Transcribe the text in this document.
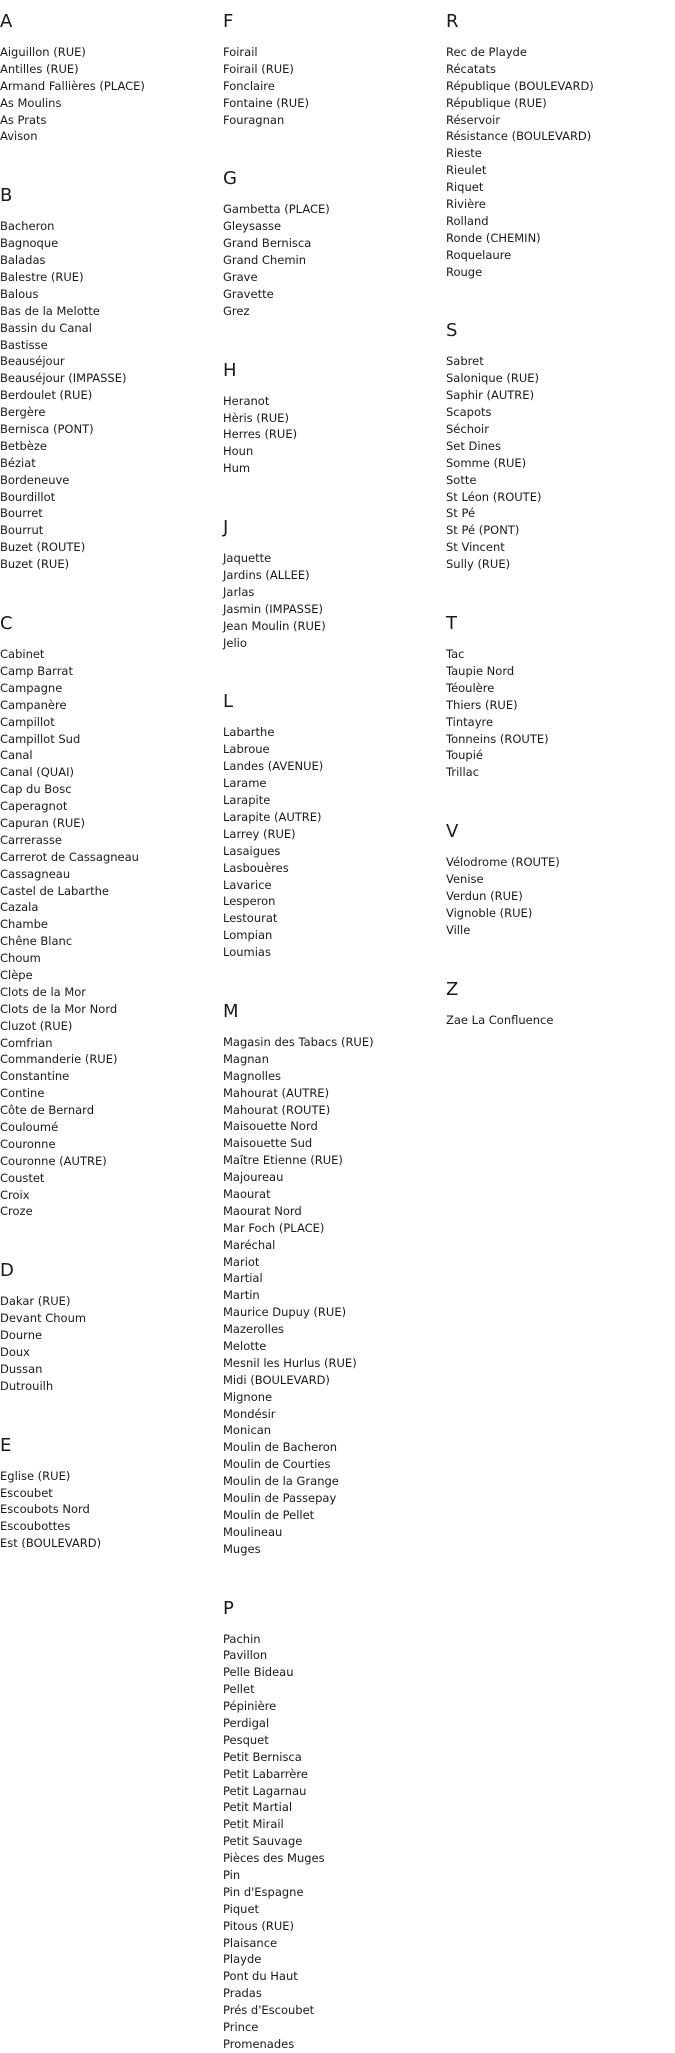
A
Aiguillon (RUE)
Antilles (RUE)
Armand Fallières (PLACE)
As Moulins
As Prats
Avison
B
Bacheron
Bagnoque
Baladas
Balestre (RUE)
Balous
Bas de la Melotte
Bassin du Canal
Bastisse
Beauséjour
Beauséjour (IMPASSE)
Berdoulet (RUE)
Bergère
Bernisca (PONT)
Betbèze
Béziat
Bordeneuve
Bourdillot
Bourret
Bourrut
Buzet (ROUTE)
Buzet (RUE)
C
Cabinet
Camp Barrat
Campagne
Campanère
Campillot
Campillot Sud
Canal
Canal (QUAI)
Cap du Bosc
Caperagnot
Capuran (RUE)
Carrerasse
Carrerot de Cassagneau
Cassagneau
Castel de Labarthe
Cazala
Chambe
Chêne Blanc
Choum
Clèpe
Clots de la Mor
Clots de la Mor Nord
Cluzot (RUE)
Comfrian
Commanderie (RUE)
Constantine
Contine
Côte de Bernard
Couloumé
Couronne
Couronne (AUTRE)
Coustet
Croix
Croze
D
Dakar (RUE)
Devant Choum
Dourne
Doux
Dussan
Dutrouilh
E
Eglise (RUE)
Escoubet
Escoubots Nord
Escoubottes
Est (BOULEVARD)
F
Foirail
Foirail (RUE)
Fonclaire
Fontaine (RUE)
Fouragnan
G
Gambetta (PLACE)
Gleysasse
Grand Bernisca
Grand Chemin
Grave
Gravette
Grez
H
Heranot
Hèris (RUE)
Herres (RUE)
Houn
Hum
J
Jaquette
Jardins (ALLEE)
Jarlas
Jasmin (IMPASSE)
Jean Moulin (RUE)
Jelio
L
Labarthe
Labroue
Landes (AVENUE)
Larame
Larapite
Larapite (AUTRE)
Larrey (RUE)
Lasaigues
Lasbouères
Lavarice
Lesperon
Lestourat
Lompian
Loumias
M
Magasin des Tabacs (RUE)
Magnan
Magnolles
Mahourat (AUTRE)
Mahourat (ROUTE)
Maisouette Nord
Maisouette Sud
Maître Etienne (RUE)
Majoureau
Maourat
Maourat Nord
Mar Foch (PLACE)
Maréchal
Mariot
Martial
Martin
Maurice Dupuy (RUE)
Mazerolles
Melotte
Mesnil les Hurlus (RUE)
Midi (BOULEVARD)
Mignone
Mondésir
Monican
Moulin de Bacheron
Moulin de Courties
Moulin de la Grange
Moulin de Passepay
Moulin de Pellet
Moulineau
Muges
P
Pachin
Pavillon
Pelle Bideau
Pellet
Pépinière
Perdigal
Pesquet
Petit Bernisca
Petit Labarrère
Petit Lagarnau
Petit Martial
Petit Mirail
Petit Sauvage
Pièces des Muges
Pin
Pin d'Espagne
Piquet
Pitous (RUE)
Plaisance
Playde
Pont du Haut
Pradas
Prés d'Escoubet
Prince
Promenades
R
Rec de Playde
Récatats
République (BOULEVARD)
République (RUE)
Réservoir
Résistance (BOULEVARD)
Rieste
Rieulet
Riquet
Rivière
Rolland
Ronde (CHEMIN)
Roquelaure
Rouge
S
Sabret
Salonique (RUE)
Saphir (AUTRE)
Scapots
Séchoir
Set Dines
Somme (RUE)
Sotte
St Léon (ROUTE)
St Pé
St Pé (PONT)
St Vincent
Sully (RUE)
T
Tac
Taupie Nord
Téoulère
Thiers (RUE)
Tintayre
Tonneins (ROUTE)
Toupié
Trillac
V
Vélodrome (ROUTE)
Venise
Verdun (RUE)
Vignoble (RUE)
Ville
Z
Zae La Confluence
